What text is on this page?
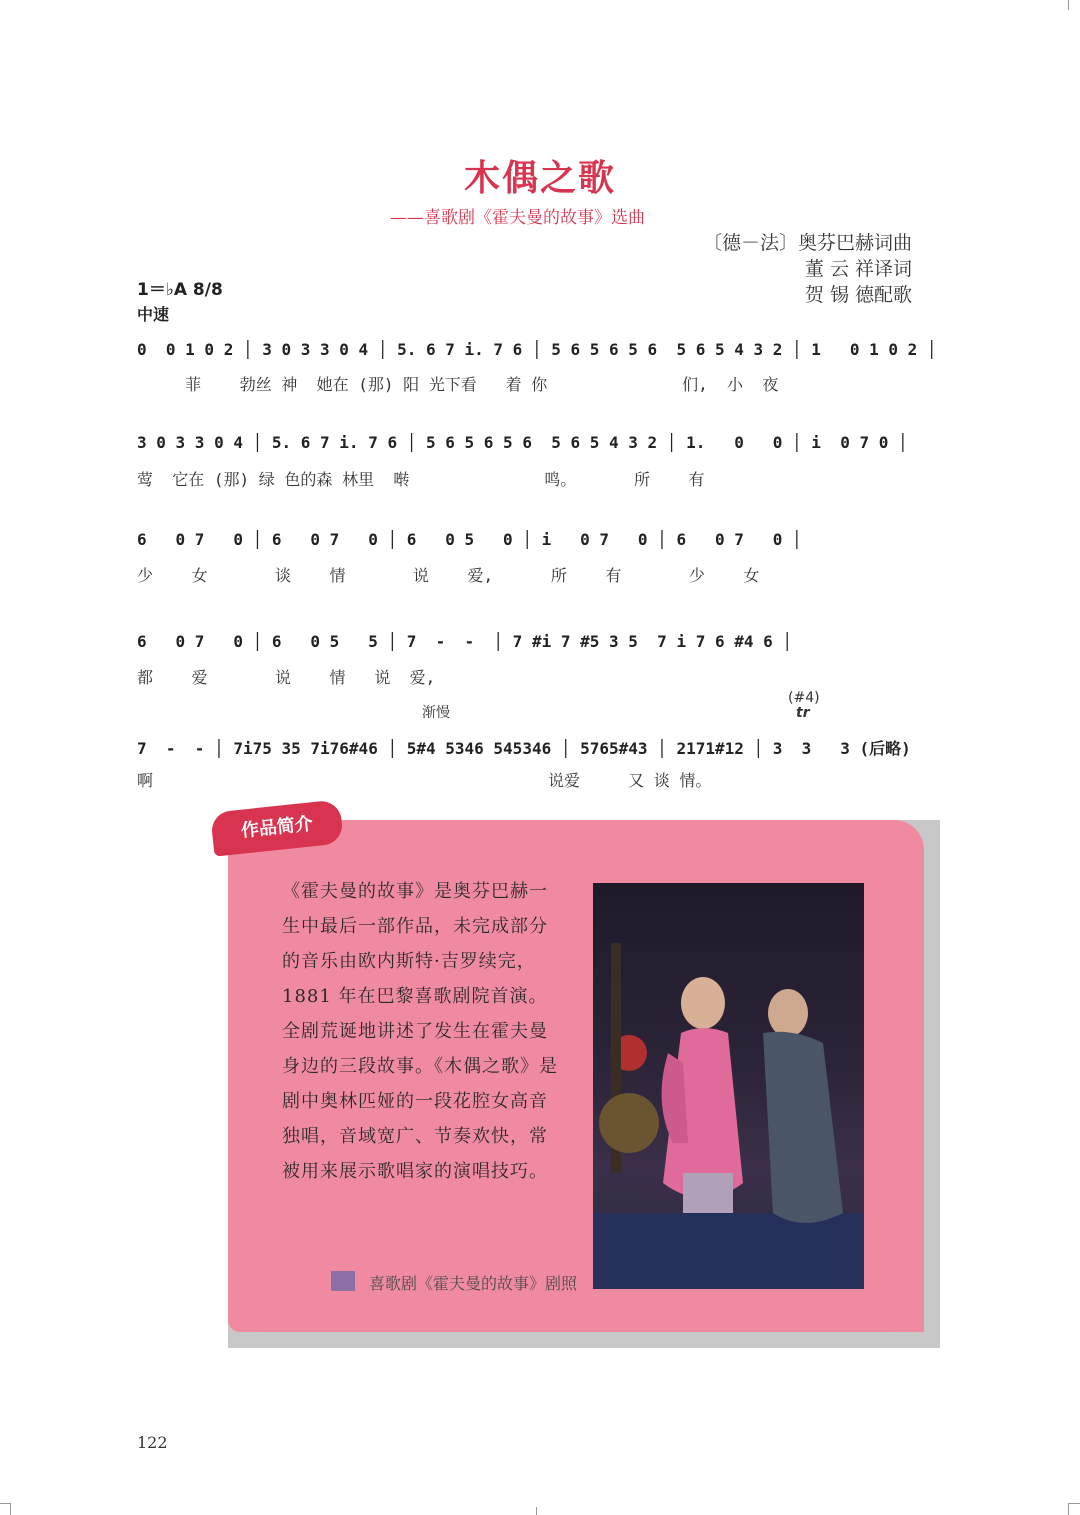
木偶之歌
——喜歌剧《霍夫曼的故事》选曲
〔德－法〕奥芬巴赫词曲
董 云 祥译词
贺 锡 德配歌
1＝♭A 8/8
中速
0  0 1 0 2 │ 3 0 3 3 0 4 │ 5. 6 7 i. 7 6 │ 5 6 5 6 5 6  5 6 5 4 3 2 │ 1   0 1 0 2 │
菲    勃丝 神  她在 (那) 阳 光下看   着 你              们,  小  夜
3 0 3 3 0 4 │ 5. 6 7 i. 7 6 │ 5 6 5 6 5 6  5 6 5 4 3 2 │ 1.   0   0 │ i  0 7 0 │
莺  它在 (那) 绿 色的森 林里  啭              鸣。      所    有
6   0 7   0 │ 6   0 7   0 │ 6   0 5   0 │ i   0 7   0 │ 6   0 7   0 │
少    女       谈    情       说    爱,      所    有       少    女
6   0 7   0 │ 6   0 5   5 │ 7  -  -  │ 7 #i 7 #5 3 5  7 i 7 6 #4 6 │
都    爱       说    情   说  爱,
渐慢
(#4)
tr
7  -  - │ 7i75 35 7i76#46 │ 5#4 5346 545346 │ 5765#43 │ 2171#12 │ 3  3   3 (后略)
啊                                         说爱     又 谈 情。
作品简介
《霍夫曼的故事》是奥芬巴赫一生中最后一部作品，未完成部分的音乐由欧内斯特·吉罗续完，1881 年在巴黎喜歌剧院首演。全剧荒诞地讲述了发生在霍夫曼身边的三段故事。《木偶之歌》是剧中奥林匹娅的一段花腔女高音独唱，音域宽广、节奏欢快，常被用来展示歌唱家的演唱技巧。
喜歌剧《霍夫曼的故事》剧照
122
